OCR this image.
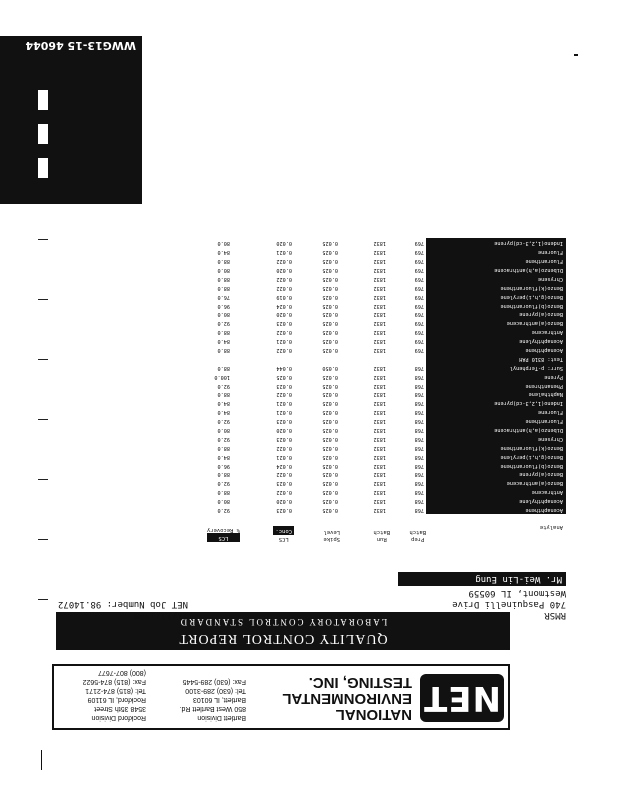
NET
NATIONAL
ENVIRONMENTAL
TESTING, INC.
Bartlett Division
850 West Bartlett Rd.
Bartlett, IL 60103
Tel: (630) 289-3100
Fax: (630) 289-5445
Rockford Division
3548 35th Street
Rockford, IL 61109
Tel: (815) 874-2171
Fax: (815) 874-5622
(800) 807-7677
QUALITY CONTROL REPORT
LABORATORY CONTROL STANDARD
RMSR
740 Pasquinelli Drive
Westmont, IL 60559
Mr. Wei-Lin Eung
11/11/1998
NET Job Number: 98.14072
Analyte
Prep
Batch
Run
Batch
Spike
Level
LCS
Conc.
LCS
% Recovery
Acenaphthene
768
1832
0.025
0.023
92.0
Acenaphthylene
768
1832
0.025
0.020
80.0
Anthracene
768
1832
0.025
0.022
88.0
Benzo(a)anthracene
768
1832
0.025
0.023
92.0
Benzo(a)pyrene
768
1832
0.025
0.022
88.0
Benzo(b)fluoranthene
768
1832
0.025
0.024
96.0
Benzo(g,h,i)perylene
768
1832
0.025
0.021
84.0
Benzo(k)fluoranthene
768
1832
0.025
0.022
88.0
Chrysene
768
1832
0.025
0.023
92.0
Dibenzo(a,h)anthracene
768
1832
0.025
0.020
80.0
Fluoranthene
768
1832
0.025
0.023
92.0
Fluorene
768
1832
0.025
0.021
84.0
Indeno(1,2,3-cd)pyrene
768
1832
0.025
0.021
84.0
Naphthalene
768
1832
0.025
0.022
88.0
Phenanthrene
768
1832
0.025
0.023
92.0
Pyrene
768
1832
0.025
0.025
100.0
Surr: p-Terphenyl
768
1832
0.050
0.044
88.0
Test: 8310 PAH
Acenaphthene
769
1832
0.025
0.022
88.0
Acenaphthylene
769
1832
0.025
0.021
84.0
Anthracene
769
1832
0.025
0.022
88.0
Benzo(a)anthracene
769
1832
0.025
0.023
92.0
Benzo(a)pyrene
769
1832
0.025
0.020
80.0
Benzo(b)fluoranthene
769
1832
0.025
0.024
96.0
Benzo(g,h,i)perylene
769
1832
0.025
0.019
76.0
Benzo(k)fluoranthene
769
1832
0.025
0.022
88.0
Chrysene
769
1832
0.025
0.022
88.0
Dibenzo(a,h)anthracene
769
1832
0.025
0.020
80.0
Fluoranthene
769
1832
0.025
0.022
88.0
Fluorene
769
1832
0.025
0.021
84.0
Indeno(1,2,3-cd)pyrene
769
1832
0.025
0.020
80.0
WWG13-15 46044
